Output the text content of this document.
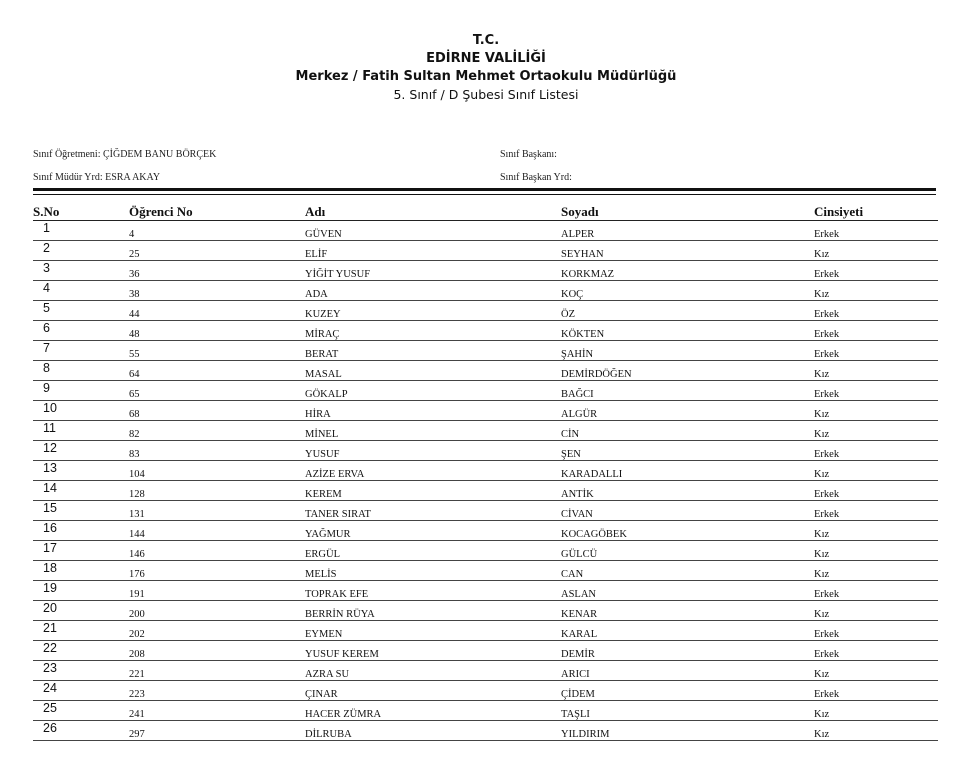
T.C.
EDİRNE VALİLİĞİ
Merkez / Fatih Sultan Mehmet Ortaokulu Müdürlüğü
5. Sınıf / D Şubesi Sınıf Listesi
Sınıf Öğretmeni: ÇİĞDEM BANU BÖRÇEK	Sınıf Başkanı:
Sınıf Müdür Yrd: ESRA AKAY	Sınıf Başkan Yrd:
S.No	Öğrenci No	Adı	Soyadı	Cinsiyeti
1	4	GÜVEN	ALPER	Erkek
2	25	ELİF	SEYHAN	Kız
3	36	YİĞİT YUSUF	KORKMAZ	Erkek
4	38	ADA	KOÇ	Kız
5	44	KUZEY	ÖZ	Erkek
6	48	MİRAÇ	KÖKTEN	Erkek
7	55	BERAT	ŞAHİN	Erkek
8	64	MASAL	DEMİRDÖĞEN	Kız
9	65	GÖKALP	BAĞCI	Erkek
10	68	HİRA	ALGÜR	Kız
11	82	MİNEL	CİN	Kız
12	83	YUSUF	ŞEN	Erkek
13	104	AZİZE ERVA	KARADALLI	Kız
14	128	KEREM	ANTİK	Erkek
15	131	TANER SIRAT	CİVAN	Erkek
16	144	YAĞMUR	KOCAGÖBEK	Kız
17	146	ERGÜL	GÜLCÜ	Kız
18	176	MELİS	CAN	Kız
19	191	TOPRAK EFE	ASLAN	Erkek
20	200	BERRİN RÜYA	KENAR	Kız
21	202	EYMEN	KARAL	Erkek
22	208	YUSUF KEREM	DEMİR	Erkek
23	221	AZRA SU	ARICI	Kız
24	223	ÇINAR	ÇİDEM	Erkek
25	241	HACER ZÜMRA	TAŞLI	Kız
26	297	DİLRUBA	YILDIRIM	Kız
